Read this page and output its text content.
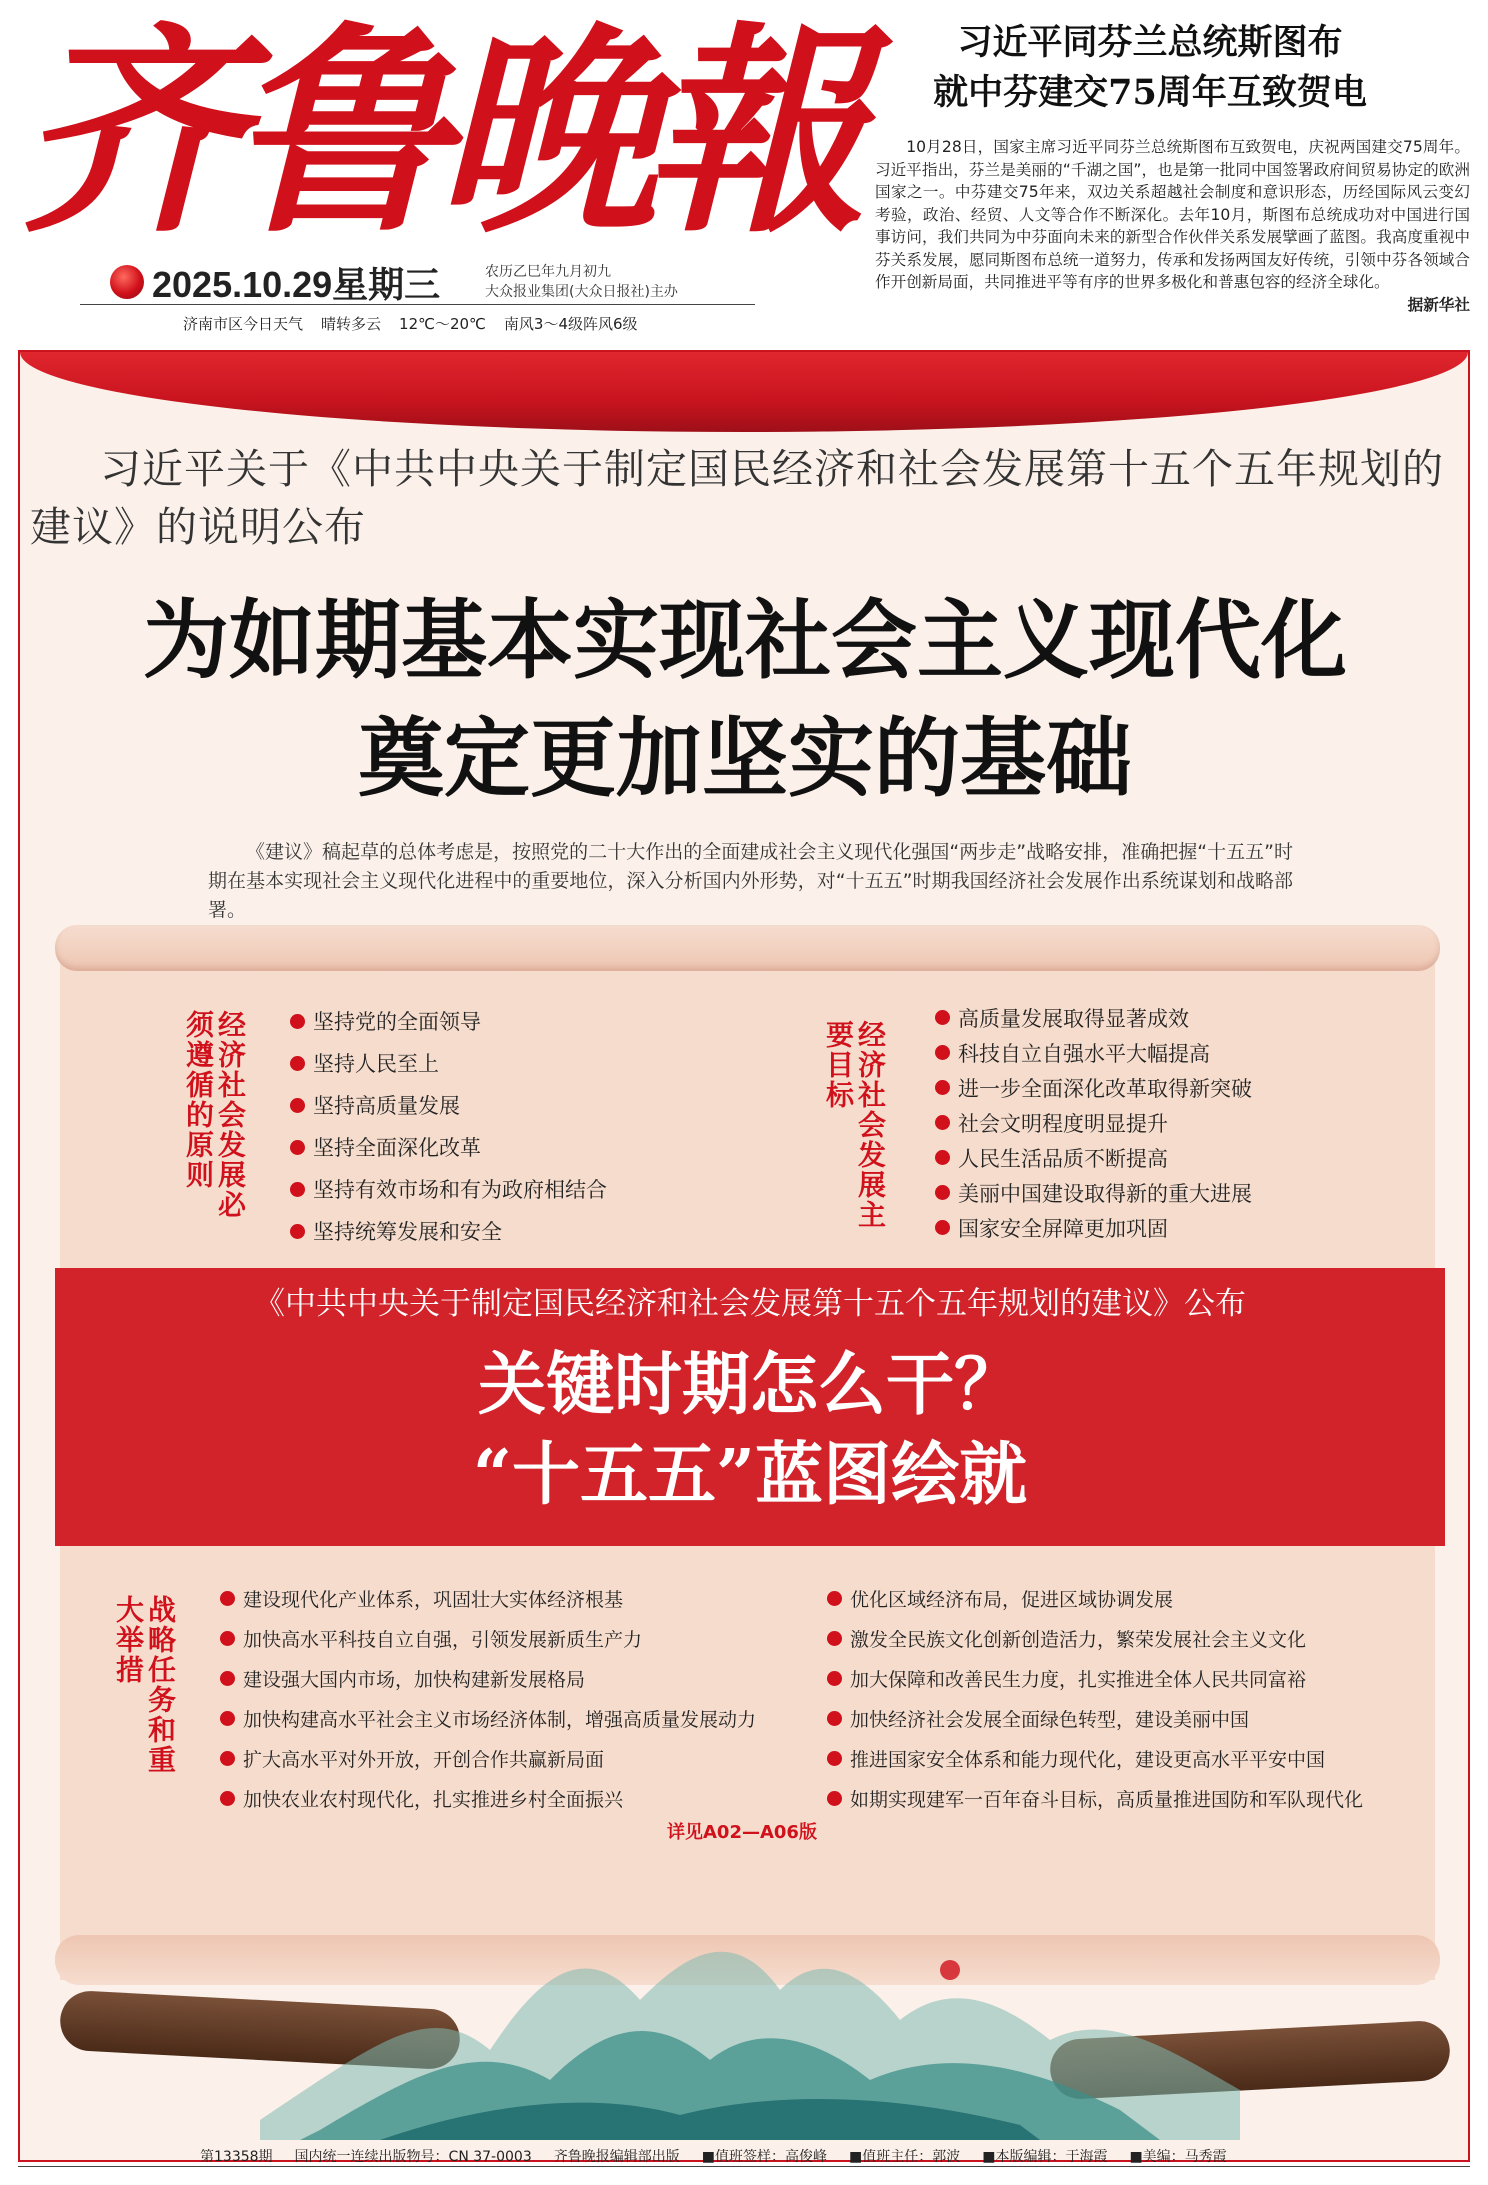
齐鲁晚報
2025.10.29星期三	农历乙巳年九月初九
大众报业集团(大众日报社)主办
济南市区今日天气 晴转多云 12℃～20℃ 南风3～4级阵风6级
习近平同芬兰总统斯图布
就中芬建交75周年互致贺电
10月28日，国家主席习近平同芬兰总统斯图布互致贺电，庆祝两国建交75周年。习近平指出，芬兰是美丽的“千湖之国”，也是第一批同中国签署政府间贸易协定的欧洲国家之一。中芬建交75年来，双边关系超越社会制度和意识形态，历经国际风云变幻考验，政治、经贸、人文等合作不断深化。去年10月，斯图布总统成功对中国进行国事访问，我们共同为中芬面向未来的新型合作伙伴关系发展擘画了蓝图。我高度重视中芬关系发展，愿同斯图布总统一道努力，传承和发扬两国友好传统，引领中芬各领域合作开创新局面，共同推进平等有序的世界多极化和普惠包容的经济全球化。
据新华社
习近平关于《中共中央关于制定国民经济和社会发展第十五个五年规划的建议》的说明公布
为如期基本实现社会主义现代化
奠定更加坚实的基础
《建议》稿起草的总体考虑是，按照党的二十大作出的全面建成社会主义现代化强国“两步走”战略安排，准确把握“十五五”时期在基本实现社会主义现代化进程中的重要地位，深入分析国内外形势，对“十五五”时期我国经济社会发展作出系统谋划和战略部署。
经济社会发展必须遵循的原则	坚持党的全面领导
坚持人民至上
坚持高质量发展
坚持全面深化改革
坚持有效市场和有为政府相结合
坚持统筹发展和安全
经济社会发展主要目标
高质量发展取得显著成效
科技自立自强水平大幅提高
进一步全面深化改革取得新突破
社会文明程度明显提升
人民生活品质不断提高
美丽中国建设取得新的重大进展
国家安全屏障更加巩固
《中共中央关于制定国民经济和社会发展第十五个五年规划的建议》公布
关键时期怎么干？
“十五五”蓝图绘就
战略任务和重大举措	建设现代化产业体系，巩固壮大实体经济根基
加快高水平科技自立自强，引领发展新质生产力
建设强大国内市场，加快构建新发展格局
加快构建高水平社会主义市场经济体制，增强高质量发展动力
扩大高水平对外开放，开创合作共赢新局面
加快农业农村现代化，扎实推进乡村全面振兴
优化区域经济布局，促进区域协调发展
激发全民族文化创新创造活力，繁荣发展社会主义文化
加大保障和改善民生力度，扎实推进全体人民共同富裕
加快经济社会发展全面绿色转型，建设美丽中国
推进国家安全体系和能力现代化，建设更高水平平安中国
如期实现建军一百年奋斗目标，高质量推进国防和军队现代化
详见A02—A06版
第13358期 国内统一连续出版物号：CN 37-0003 齐鲁晚报编辑部出版 ■值班签样：高俊峰 ■值班主任：郭波 ■本版编辑：于海霞 ■美编：马秀霞
